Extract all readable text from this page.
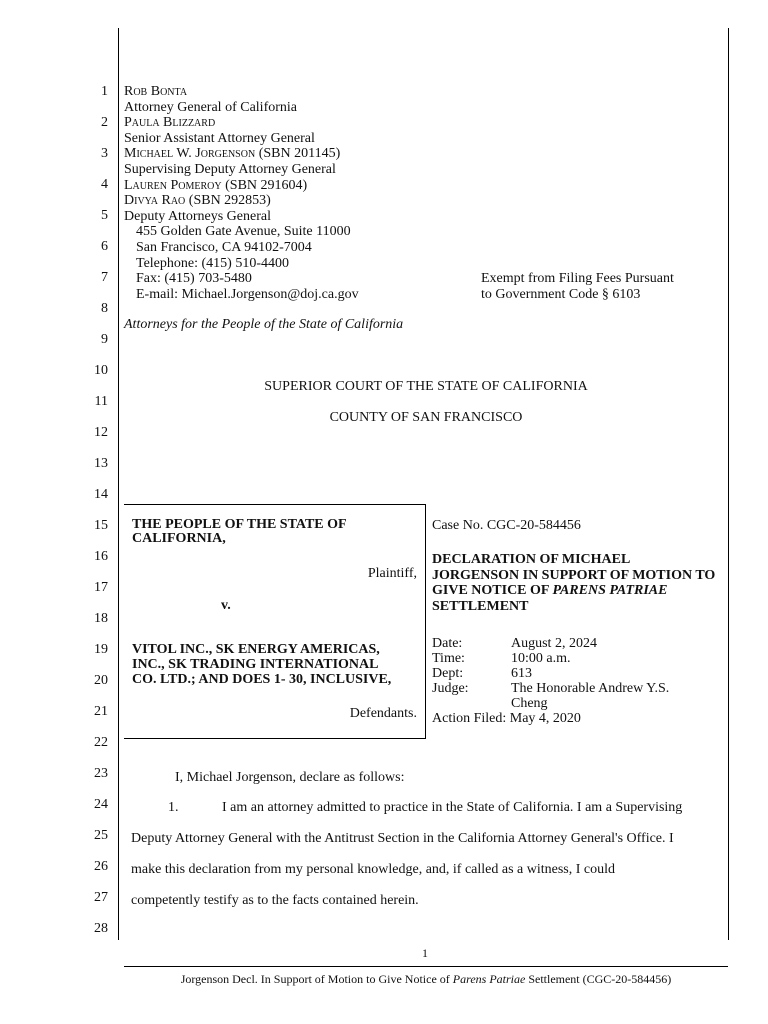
1
2
3
4
5
6
7
8
9
10
11
12
13
14
15
16
17
18
19
20
21
22
23
24
25
26
27
28
Rob Bonta
Attorney General of California
Paula Blizzard
Senior Assistant Attorney General
Michael W. Jorgenson (SBN 201145)
Supervising Deputy Attorney General
Lauren Pomeroy (SBN 291604)
Divya Rao (SBN 292853)
Deputy Attorneys General
455 Golden Gate Avenue, Suite 11000
San Francisco, CA 94102-7004
Telephone: (415) 510-4400
Fax: (415) 703-5480
E-mail: Michael.Jorgenson@doj.ca.gov
Exempt from Filing Fees Pursuant
to Government Code § 6103
Attorneys for the People of the State of California
SUPERIOR COURT OF THE STATE OF CALIFORNIA
COUNTY OF SAN FRANCISCO
THE PEOPLE OF THE STATE OF
CALIFORNIA,
Plaintiff,
v.
VITOL INC., SK ENERGY AMERICAS,
INC., SK TRADING INTERNATIONAL
CO. LTD.; AND DOES 1- 30, INCLUSIVE,
Defendants.
Case No. CGC-20-584456
DECLARATION OF MICHAEL
JORGENSON IN SUPPORT OF MOTION TO
GIVE NOTICE OF PARENS PATRIAE
SETTLEMENT
Date:	August 2, 2024
Time:	10:00 a.m.
Dept:	613
Judge:	The Honorable Andrew Y.S.
	Cheng
Action Filed: May 4, 2020
I, Michael Jorgenson, declare as follows:
1.	I am an attorney admitted to practice in the State of California. I am a Supervising
Deputy Attorney General with the Antitrust Section in the California Attorney General's Office. I
make this declaration from my personal knowledge, and, if called as a witness, I could
competently testify as to the facts contained herein.
1
Jorgenson Decl. In Support of Motion to Give Notice of Parens Patriae Settlement (CGC-20-584456)
